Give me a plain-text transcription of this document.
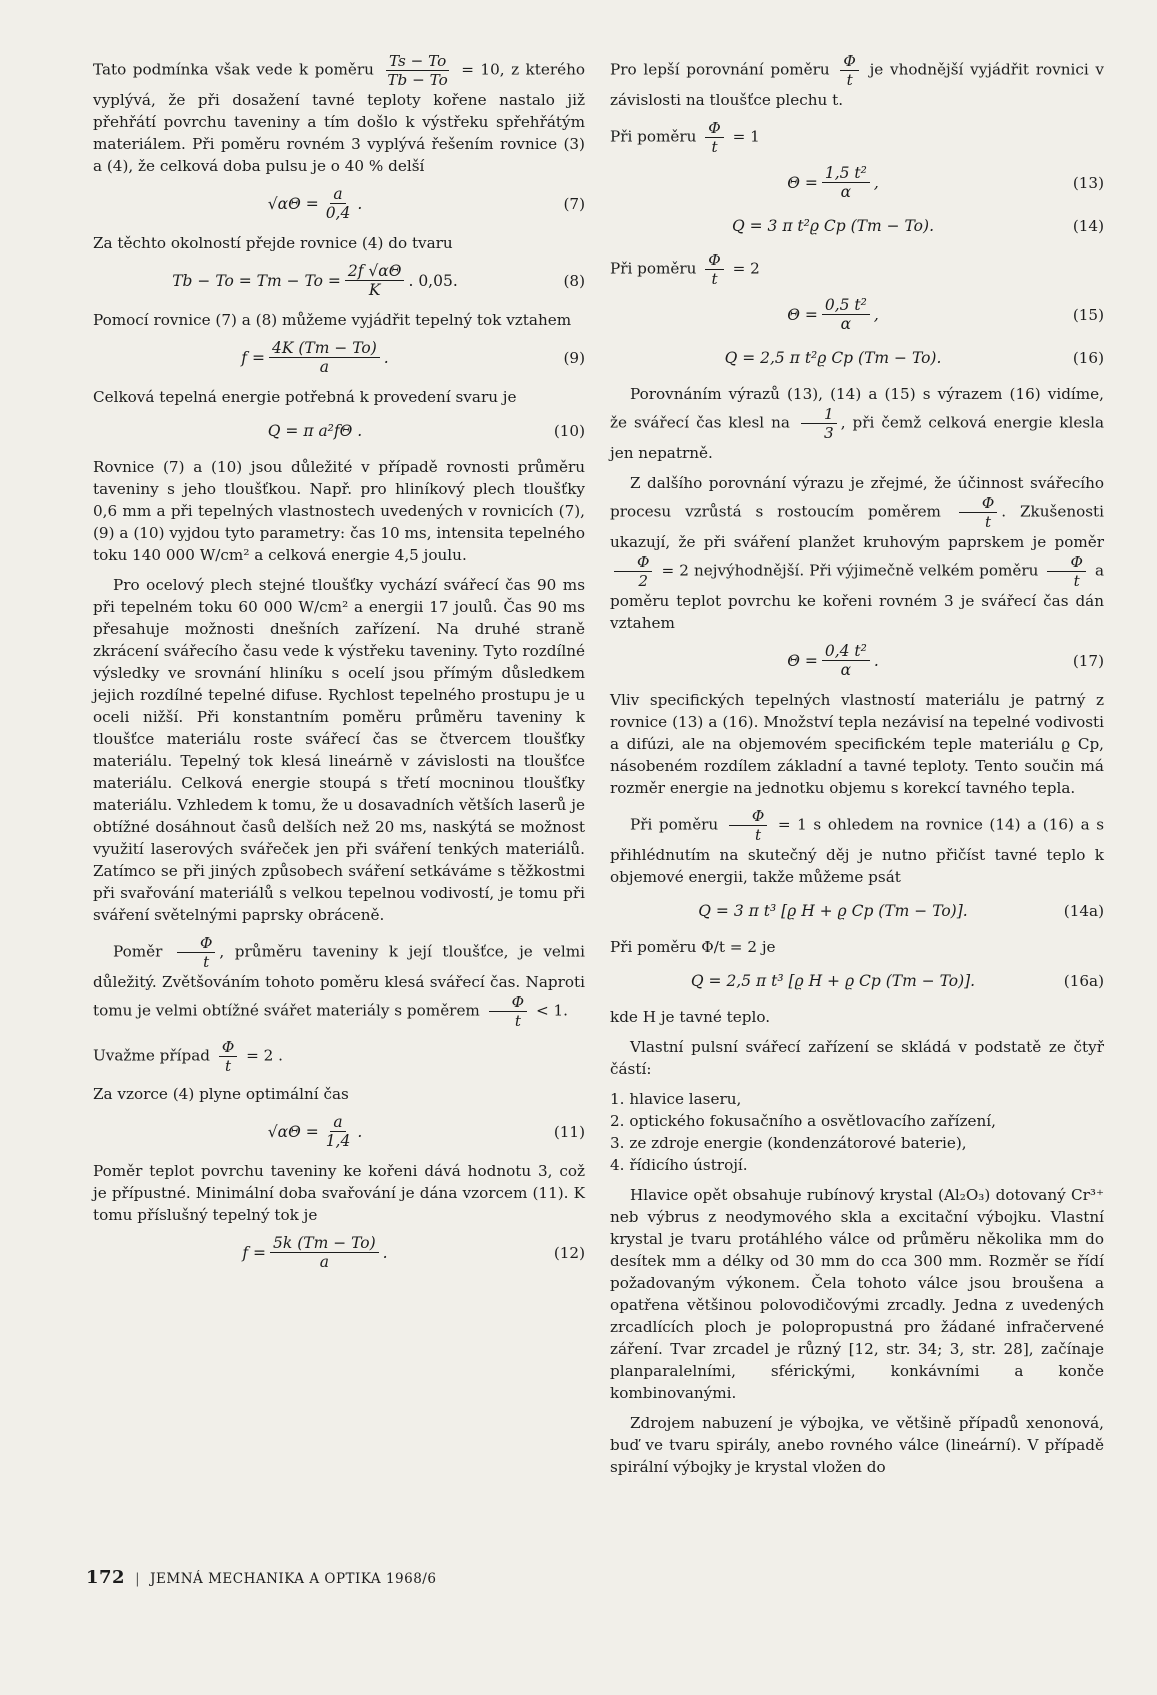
Tato podmínka však vede k poměru $\frac{Ts - To}{Tb - To} = 10$, z kterého vyplývá, že při dosažení tavné teploty kořene nastalo již přehřátí povrchu taveniny a tím došlo k výstřeku spřehřátým materiálem. Při poměru rovném 3 vyplývá řešením rovnice (3) a (4), že celková doba pulsu je o 40 % delší

$√\alpha\Theta = \frac{a}{0,4}$ .	(7)

Za těchto okolností přejde rovnice (4) do tvaru

$Tb - To = Tm - To = \frac{2f √\alpha\Theta}{K}$ . 0,05.	(8)

Pomocí rovnice (7) a (8) můžeme vyjádřit tepelný tok vztahem

$f = \frac{4K (Tm - To)}{a}$ .	(9)

Celková tepelná energie potřebná k provedení svaru je

Q = π a²fΘ .	(10)

Rovnice (7) a (10) jsou důležité v případě rovnosti průměru taveniny s jeho tloušťkou. Např. pro hliníkový plech tloušťky 0,6 mm a při tepelných vlastnostech uvedených v rovnicích (7), (9) a (10) vyjdou tyto parametry: čas 10 ms, intensita tepelného toku 140 000 W/cm² a celková energie 4,5 joulu.

Pro ocelový plech stejné tloušťky vychází svářecí čas 90 ms při tepelném toku 60 000 W/cm² a energii 17 joulů. Čas 90 ms přesahuje možnosti dnešních zařízení. Na druhé straně zkrácení svářecího času vede k výstřeku taveniny. Tyto rozdílné výsledky ve srovnání hliníku s ocelí jsou přímým důsledkem jejich rozdílné tepelné difuse. Rychlost tepelného prostupu je u oceli nižší. Při konstantním poměru průměru taveniny k tloušťce materiálu roste svářecí čas se čtvercem tloušťky materiálu. Tepelný tok klesá lineárně v závislosti na tloušťce materiálu. Celková energie stoupá s třetí mocninou tloušťky materiálu. Vzhledem k tomu, že u dosavadních větších laserů je obtížné dosáhnout časů delších než 20 ms, naskýtá se možnost využití laserových svářeček jen při sváření tenkých materiálů. Zatímco se při jiných způsobech sváření setkáváme s těžkostmi při svařování materiálů s velkou tepelnou vodivostí, je tomu při sváření světelnými paprsky obráceně.

Poměr $\frac{\Phi}{t}$ , průměru taveniny k její tloušťce, je velmi důležitý. Zvětšováním tohoto poměru klesá svářecí čas. Naproti tomu je velmi obtížné svářet materiály s poměrem $\frac{\Phi}{t} < 1$.

Uvažme případ $\frac{\Phi}{t} = 2$ .

Za vzorce (4) plyne optimální čas

$√\alpha\Theta = \frac{a}{1,4}$ .	(11)

Poměr teplot povrchu taveniny ke kořeni dává hodnotu 3, což je přípustné. Minimální doba svařování je dána vzorcem (11). K tomu příslušný tepelný tok je

$f = \frac{5k (Tm - To)}{a}$ .	(12)

Pro lepší porovnání poměru $\frac{\Phi}{t}$ je vhodnější vyjádřit rovnici v závislosti na tloušťce plechu t.

Při poměru $\frac{\Phi}{t} = 1$

$\Theta = \frac{\text{1,5 t²}}{\alpha}$ ,	(13)
Q = 3 π t²ϱ Cp (Tm − To).	(14)

Při poměru $\frac{\Phi}{t} = 2$

$\Theta = \frac{\text{0,5 t²}}{\alpha}$ ,	(15)
Q = 2,5 π t²ϱ Cp (Tm − To).	(16)

Porovnáním výrazů (13), (14) a (15) s výrazem (16) vidíme, že svářecí čas klesl na $\frac{1}{3}$ , při čemž celková energie klesla jen nepatrně.

Z dalšího porovnání výrazu je zřejmé, že účinnost svářecího procesu vzrůstá s rostoucím poměrem $\frac{\Phi}{t}$ . Zkušenosti ukazují, že při sváření planžet kruhovým paprskem je poměr
$\frac{\Phi}{2} = 2$ nejvýhodnější. Při výjimečně velkém poměru $\frac{\Phi}{t}$ a poměru teplot povrchu ke kořeni rovném 3 je svářecí čas dán vztahem

$\Theta = \frac{\text{0,4 t²}}{\alpha}$ .	(17)

Vliv specifických tepelných vlastností materiálu je patrný z rovnice (13) a (16). Množství tepla nezávisí na tepelné vodivosti a difúzi, ale na objemovém specifickém teple materiálu ϱ Cp, násobeném rozdílem základní a tavné teploty. Tento součin má rozměr energie na jednotku objemu s korekcí tavného tepla.

Při poměru $\frac{\Phi}{t} = 1$ s ohledem na rovnice (14) a (16) a s přihlédnutím na skutečný děj je nutno přičíst tavné teplo k objemové energii, takže můžeme psát

Q = 3 π t³ [ϱ H + ϱ Cp (Tm − To)].	(14a)

Při poměru Φ/t = 2 je

Q = 2,5 π t³ [ϱ H + ϱ Cp (Tm − To)].	(16a)

kde H je tavné teplo.

Vlastní pulsní svářecí zařízení se skládá v podstatě ze čtyř částí:

1. hlavice laseru,
2. optického fokusačního a osvětlovacího zařízení,
3. ze zdroje energie (kondenzátorové baterie),
4. řídicího ústrojí.

Hlavice opět obsahuje rubínový krystal (Al₂O₃) dotovaný Cr³⁺ neb výbrus z neodymového skla a excitační výbojku. Vlastní krystal je tvaru protáhlého válce od průměru několika mm do desítek mm a délky od 30 mm do cca 300 mm. Rozměr se řídí požadovaným výkonem. Čela tohoto válce jsou broušena a opatřena většinou polovodičovými zrcadly. Jedna z uvedených zrcadlících ploch je polopropustná pro žádané infračervené záření. Tvar zrcadel je různý [12, str. 34; 3, str. 28], začínaje planparalelními, sférickými, konkávními a konče kombinovanými.

Zdrojem nabuzení je výbojka, ve většině případů xenonová, buď ve tvaru spirály, anebo rovného válce (lineární). V případě spirální výbojky je krystal vložen do

172 | JEMNÁ MECHANIKA A OPTIKA 1968/6
